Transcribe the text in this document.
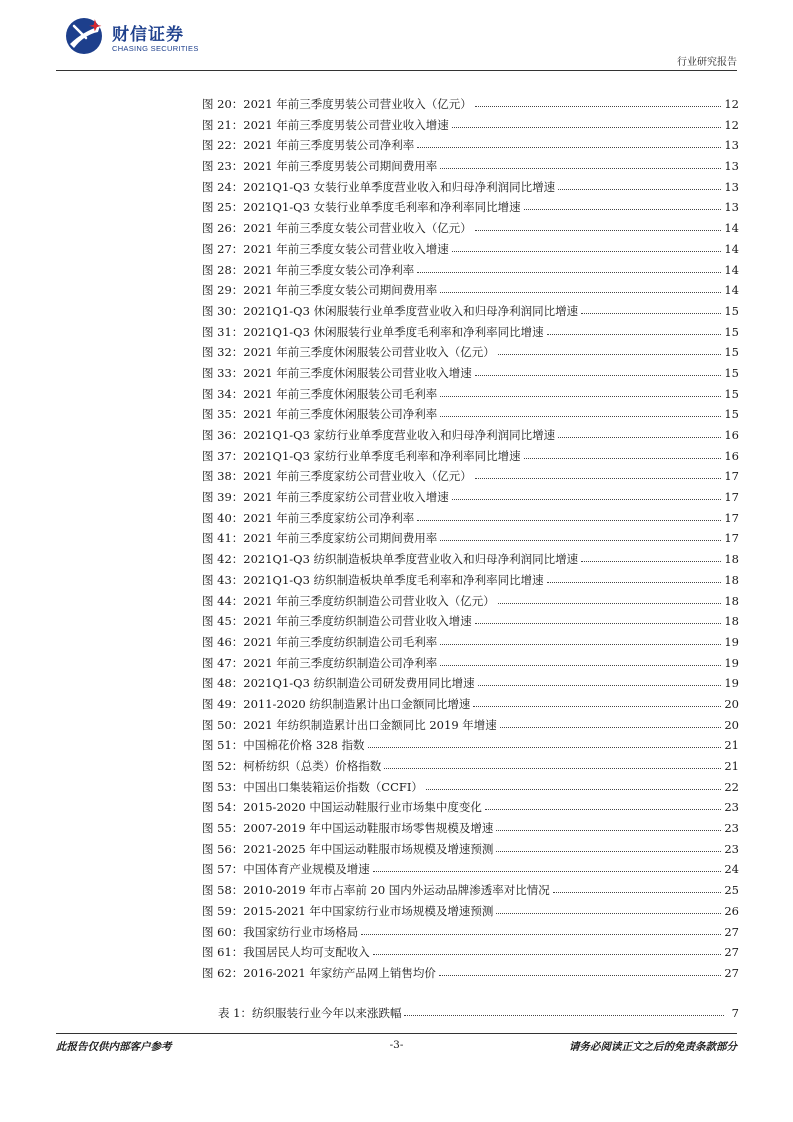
财信证券
CHASING SECURITIES
行业研究报告
图 20：2021 年前三季度男装公司营业收入（亿元）	12
图 21：2021 年前三季度男装公司营业收入增速	12
图 22：2021 年前三季度男装公司净利率	13
图 23：2021 年前三季度男装公司期间费用率	13
图 24：2021Q1-Q3 女装行业单季度营业收入和归母净利润同比增速	13
图 25：2021Q1-Q3 女装行业单季度毛利率和净利率同比增速	13
图 26：2021 年前三季度女装公司营业收入（亿元）	14
图 27：2021 年前三季度女装公司营业收入增速	14
图 28：2021 年前三季度女装公司净利率	14
图 29：2021 年前三季度女装公司期间费用率	14
图 30：2021Q1-Q3 休闲服装行业单季度营业收入和归母净利润同比增速	15
图 31：2021Q1-Q3 休闲服装行业单季度毛利率和净利率同比增速	15
图 32：2021 年前三季度休闲服装公司营业收入（亿元）	15
图 33：2021 年前三季度休闲服装公司营业收入增速	15
图 34：2021 年前三季度休闲服装公司毛利率	15
图 35：2021 年前三季度休闲服装公司净利率	15
图 36：2021Q1-Q3 家纺行业单季度营业收入和归母净利润同比增速	16
图 37：2021Q1-Q3 家纺行业单季度毛利率和净利率同比增速	16
图 38：2021 年前三季度家纺公司营业收入（亿元）	17
图 39：2021 年前三季度家纺公司营业收入增速	17
图 40：2021 年前三季度家纺公司净利率	17
图 41：2021 年前三季度家纺公司期间费用率	17
图 42：2021Q1-Q3 纺织制造板块单季度营业收入和归母净利润同比增速	18
图 43：2021Q1-Q3 纺织制造板块单季度毛利率和净利率同比增速	18
图 44：2021 年前三季度纺织制造公司营业收入（亿元）	18
图 45：2021 年前三季度纺织制造公司营业收入增速	18
图 46：2021 年前三季度纺织制造公司毛利率	19
图 47：2021 年前三季度纺织制造公司净利率	19
图 48：2021Q1-Q3 纺织制造公司研发费用同比增速	19
图 49：2011-2020 纺织制造累计出口金额同比增速	20
图 50：2021 年纺织制造累计出口金额同比 2019 年增速	20
图 51：中国棉花价格 328 指数	21
图 52：柯桥纺织（总类）价格指数	21
图 53：中国出口集装箱运价指数（CCFI）	22
图 54：2015-2020 中国运动鞋服行业市场集中度变化	23
图 55：2007-2019 年中国运动鞋服市场零售规模及增速	23
图 56：2021-2025 年中国运动鞋服市场规模及增速预测	23
图 57：中国体育产业规模及增速	24
图 58：2010-2019 年市占率前 20 国内外运动品牌渗透率对比情况	25
图 59：2015-2021 年中国家纺行业市场规模及增速预测	26
图 60：我国家纺行业市场格局	27
图 61：我国居民人均可支配收入	27
图 62：2016-2021 年家纺产品网上销售均价	27
表 1：纺织服装行业今年以来涨跌幅	7
此报告仅供内部客户参考	-3-	请务必阅读正文之后的免责条款部分
